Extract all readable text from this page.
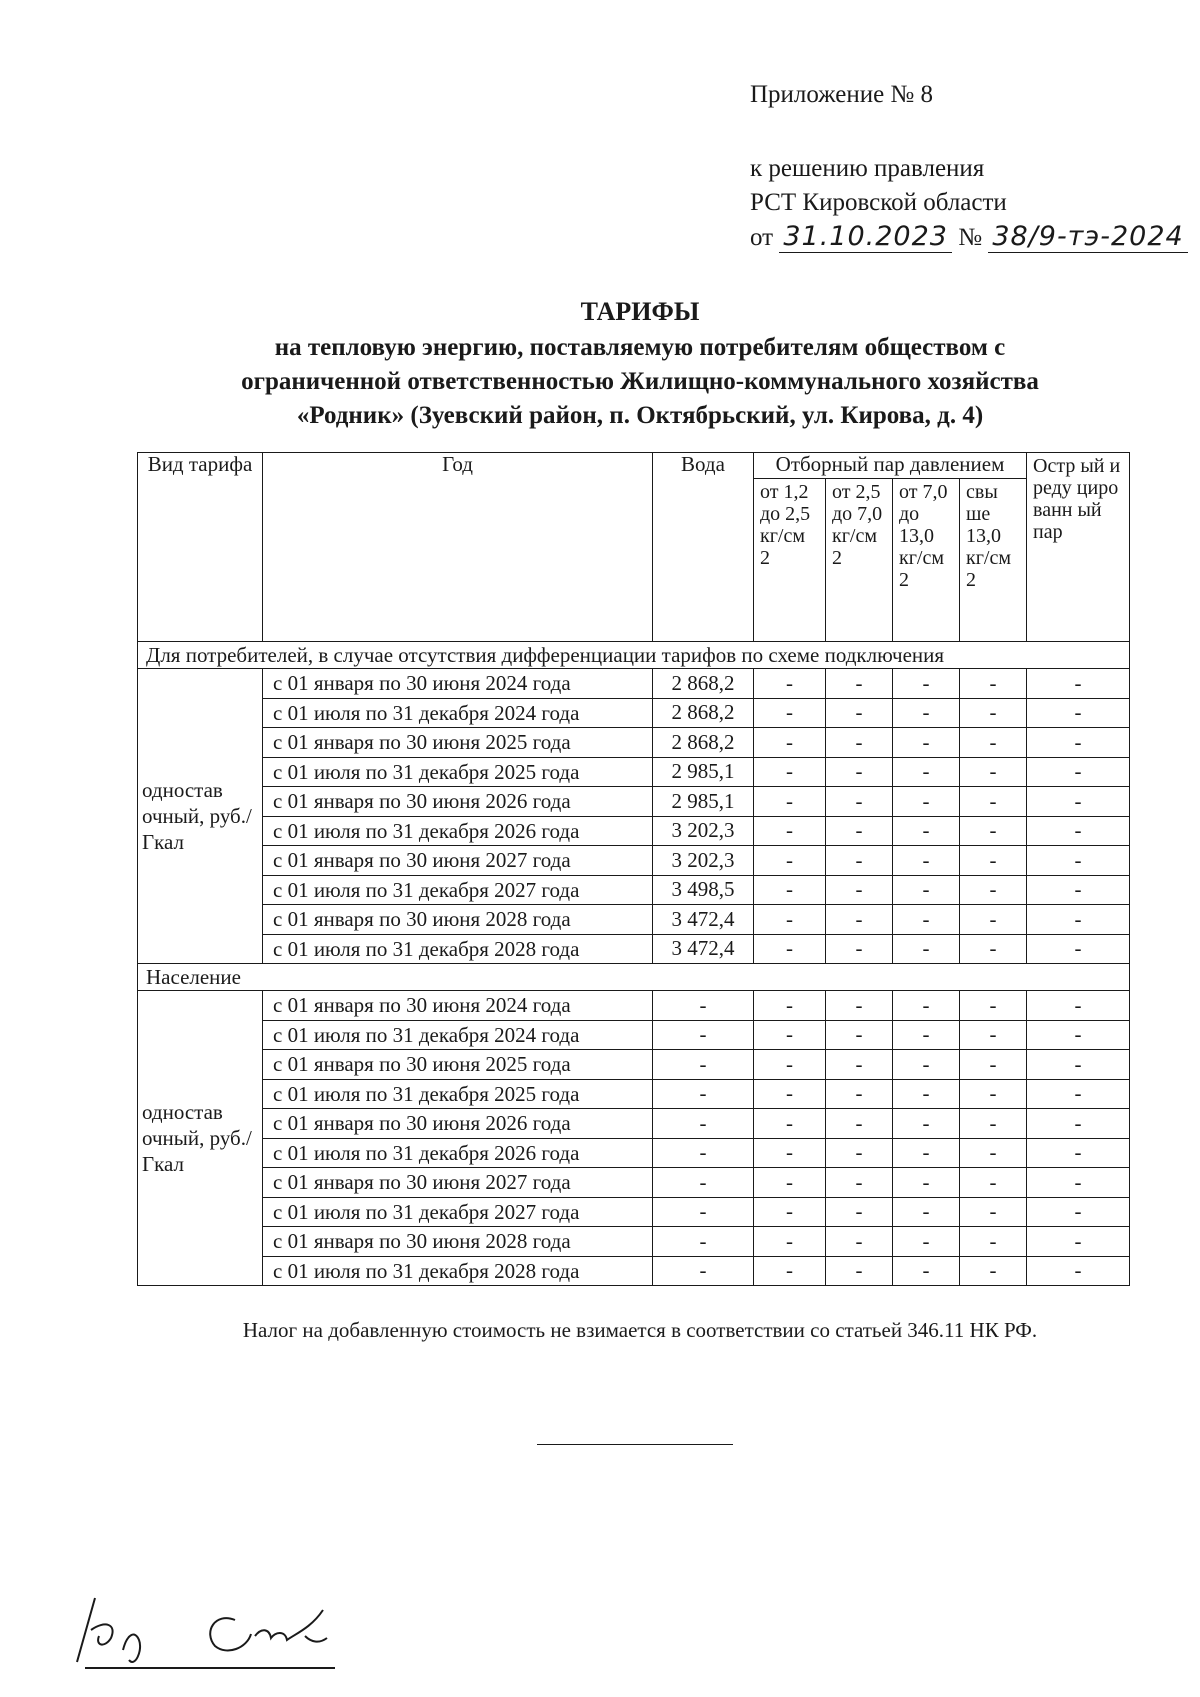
Приложение № 8
к решению правления
РСТ Кировской области
от 31.10.2023 № 38/9-тэ-2024
ТАРИФЫ
на тепловую энергию, поставляемую потребителям обществом с
ограниченной ответственностью Жилищно-коммунального хозяйства
«Родник» (Зуевский район, п. Октябрьский, ул. Кирова, д. 4)
Вид тарифа	Год	Вода	Отборный пар давлением				Остр ый и реду циро ванн ый пар
			от 1,2 до 2,5 кг/см 2	от 2,5 до 7,0 кг/см 2	от 7,0 до 13,0 кг/см 2	свы ше 13,0 кг/см 2	
Для потребителей, в случае отсутствия дифференциации тарифов по схеме подключения							
одностав очный, руб./Гкал	с 01 января по 30 июня 2024 года	2 868,2	-	-	-	-	-
	с 01 июля по 31 декабря 2024 года	2 868,2	-	-	-	-	-
	с 01 января по 30 июня 2025 года	2 868,2	-	-	-	-	-
	с 01 июля по 31 декабря 2025 года	2 985,1	-	-	-	-	-
	с 01 января по 30 июня 2026 года	2 985,1	-	-	-	-	-
	с 01 июля по 31 декабря 2026 года	3 202,3	-	-	-	-	-
	с 01 января по 30 июня 2027 года	3 202,3	-	-	-	-	-
	с 01 июля по 31 декабря 2027 года	3 498,5	-	-	-	-	-
	с 01 января по 30 июня 2028 года	3 472,4	-	-	-	-	-
	с 01 июля по 31 декабря 2028 года	3 472,4	-	-	-	-	-
Население							
одностав очный, руб./Гкал	с 01 января по 30 июня 2024 года	-	-	-	-	-	-
	с 01 июля по 31 декабря 2024 года	-	-	-	-	-	-
	с 01 января по 30 июня 2025 года	-	-	-	-	-	-
	с 01 июля по 31 декабря 2025 года	-	-	-	-	-	-
	с 01 января по 30 июня 2026 года	-	-	-	-	-	-
	с 01 июля по 31 декабря 2026 года	-	-	-	-	-	-
	с 01 января по 30 июня 2027 года	-	-	-	-	-	-
	с 01 июля по 31 декабря 2027 года	-	-	-	-	-	-
	с 01 января по 30 июня 2028 года	-	-	-	-	-	-
	с 01 июля по 31 декабря 2028 года	-	-	-	-	-	-
Налог на добавленную стоимость не взимается в соответствии со статьей 346.11 НК РФ.
